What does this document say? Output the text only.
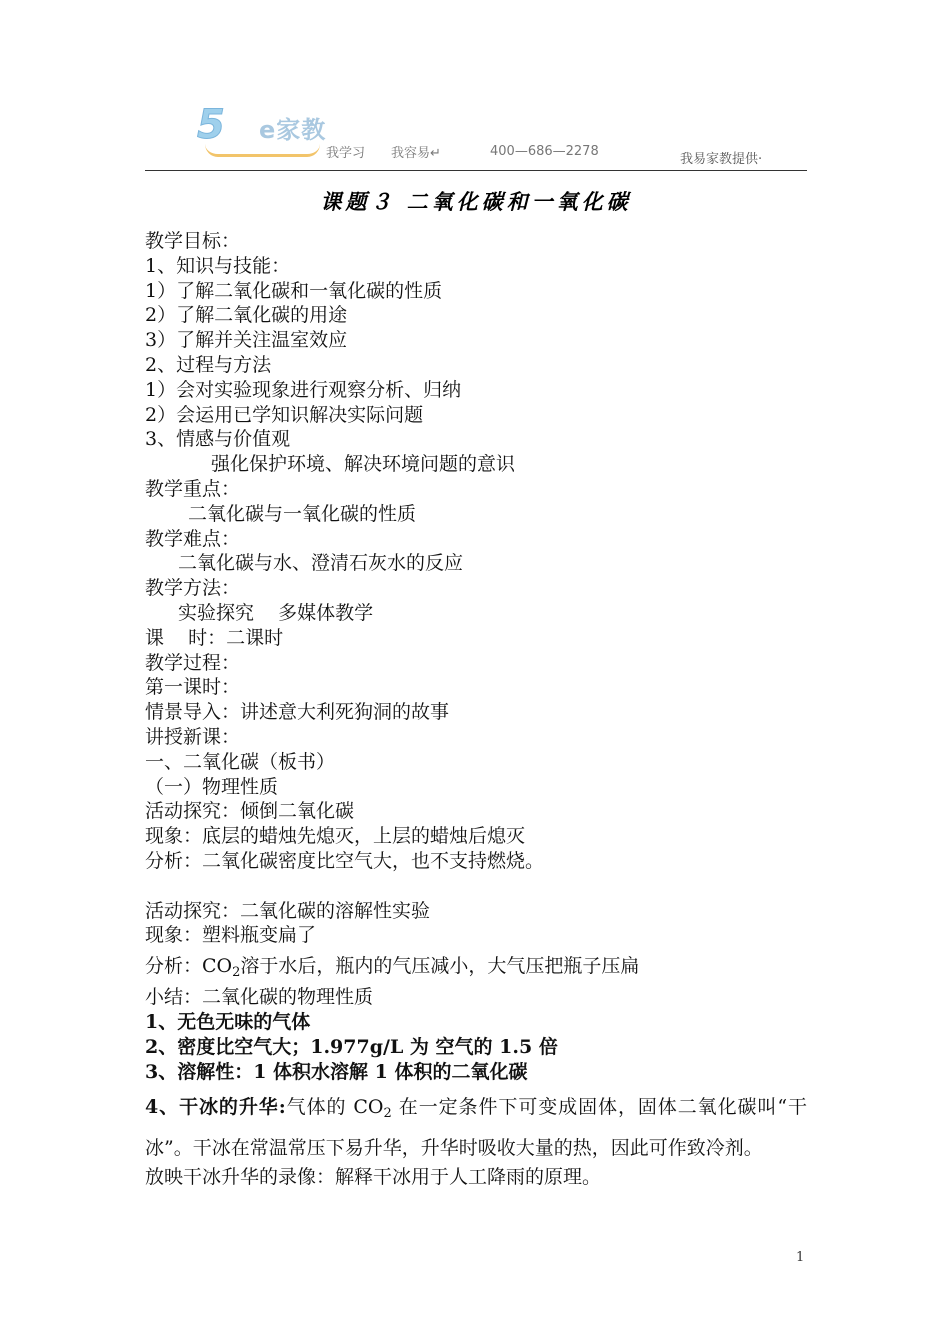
5 e家教
我学习 我容易↵	400—686—2278
我易家教提供·
课题３ 二氧化碳和一氧化碳
教学目标：
1、知识与技能：
1）了解二氧化碳和一氧化碳的性质
2）了解二氧化碳的用途
3）了解并关注温室效应
2、过程与方法
1）会对实验现象进行观察分析、归纳
2）会运用已学知识解决实际问题
3、情感与价值观
强化保护环境、解决环境问题的意识
教学重点：
二氧化碳与一氧化碳的性质
教学难点：
二氧化碳与水、澄清石灰水的反应
教学方法：
实验探究    多媒体教学
课    时：二课时
教学过程：
第一课时：
情景导入：讲述意大利死狗洞的故事
讲授新课：
一、二氧化碳（板书）
（一）物理性质
活动探究：倾倒二氧化碳
现象：底层的蜡烛先熄灭，上层的蜡烛后熄灭
分析：二氧化碳密度比空气大，也不支持燃烧。
活动探究：二氧化碳的溶解性实验
现象：塑料瓶变扁了
分析：$CO_2$溶于水后，瓶内的气压减小，大气压把瓶子压扁
小结：二氧化碳的物理性质
1、无色无味的气体
2、密度比空气大；1.977g/L 为 空气的 1.5 倍
3、溶解性：1 体积水溶解 1 体积的二氧化碳
4、干冰的升华:气体的 $CO_2$ 在一定条件下可变成固体，固体二氧化碳叫“干冰”。干冰在常温常压下易升华，升华时吸收大量的热，因此可作致冷剂。
放映干冰升华的录像：解释干冰用于人工降雨的原理。
1
